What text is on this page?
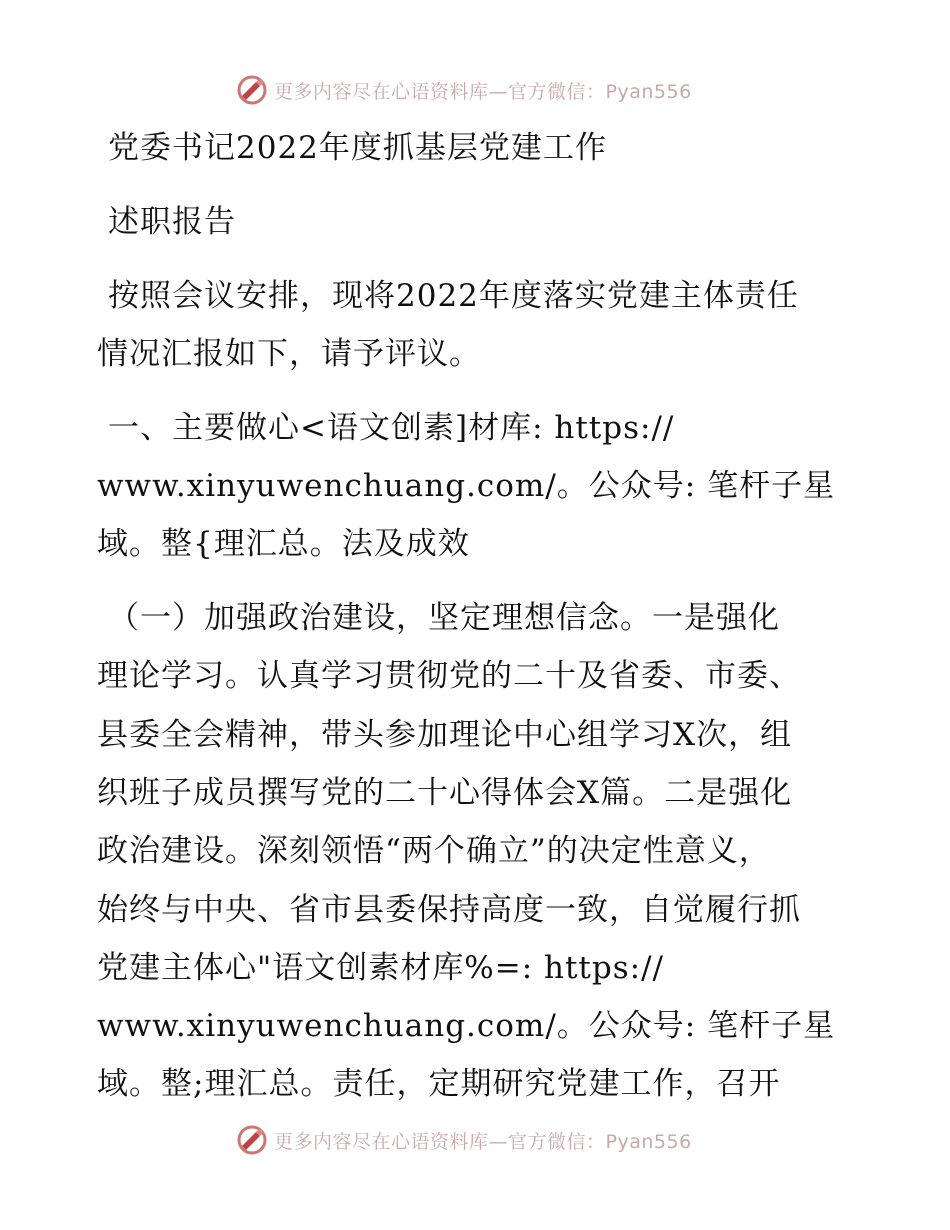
更多内容尽在心语资料库—官方微信：Pyan556
党委书记2022年度抓基层党建工作
述职报告
按照会议安排，现将2022年度落实党建主体责任
情况汇报如下，请予评议。
一、主要做心<语文创素]材库: https://
www.xinyuwenchuang.com/。公众号: 笔杆子星
域。整{理汇总。法及成效
（一）加强政治建设，坚定理想信念。一是强化
理论学习。认真学习贯彻党的二十及省委、市委、
县委全会精神，带头参加理论中心组学习X次，组
织班子成员撰写党的二十心得体会X篇。二是强化
政治建设。深刻领悟“两个确立”的决定性意义，
始终与中央、省市县委保持高度一致，自觉履行抓
党建主体心"语文创素材库%=: https://
www.xinyuwenchuang.com/。公众号: 笔杆子星
域。整;理汇总。责任，定期研究党建工作，召开
更多内容尽在心语资料库—官方微信：Pyan556
